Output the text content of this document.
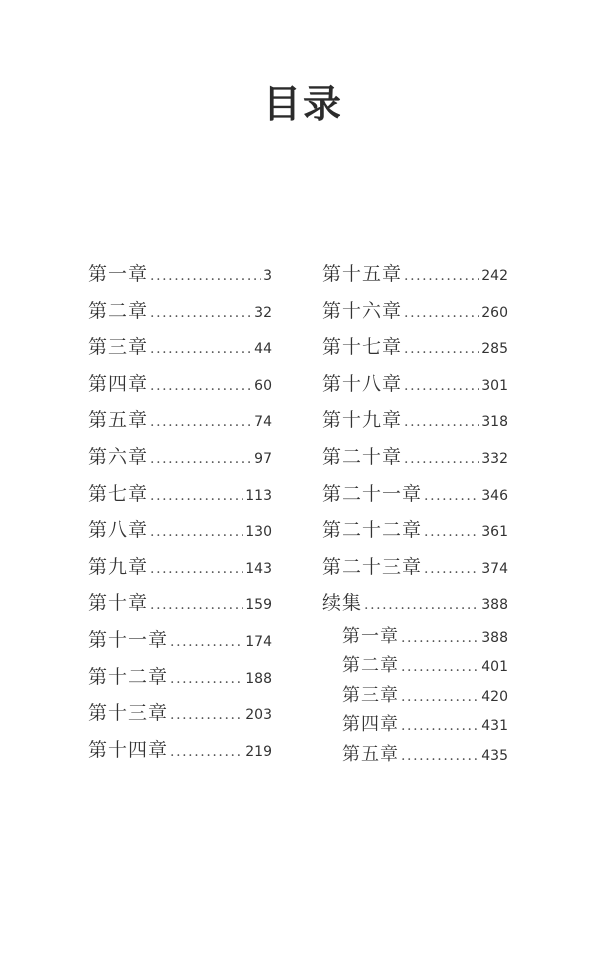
目录
第一章 .....	3
第二章 .....	32
第三章 .....	44
第四章 .....	60
第五章 .....	74
第六章 .....	97
第七章 .....	113
第八章 .....	130
第九章 .....	143
第十章 .....	159
第十一章 .....	174
第十二章 .....	188
第十三章 .....	203
第十四章 .....	219
第十五章 .....	242
第十六章 .....	260
第十七章 .....	285
第十八章 .....	301
第十九章 .....	318
第二十章 .....	332
第二十一章 .....	346
第二十二章 .....	361
第二十三章 .....	374
续集 .....	388
第一章 .....	388
第二章 .....	401
第三章 .....	420
第四章 .....	431
第五章 .....	435
